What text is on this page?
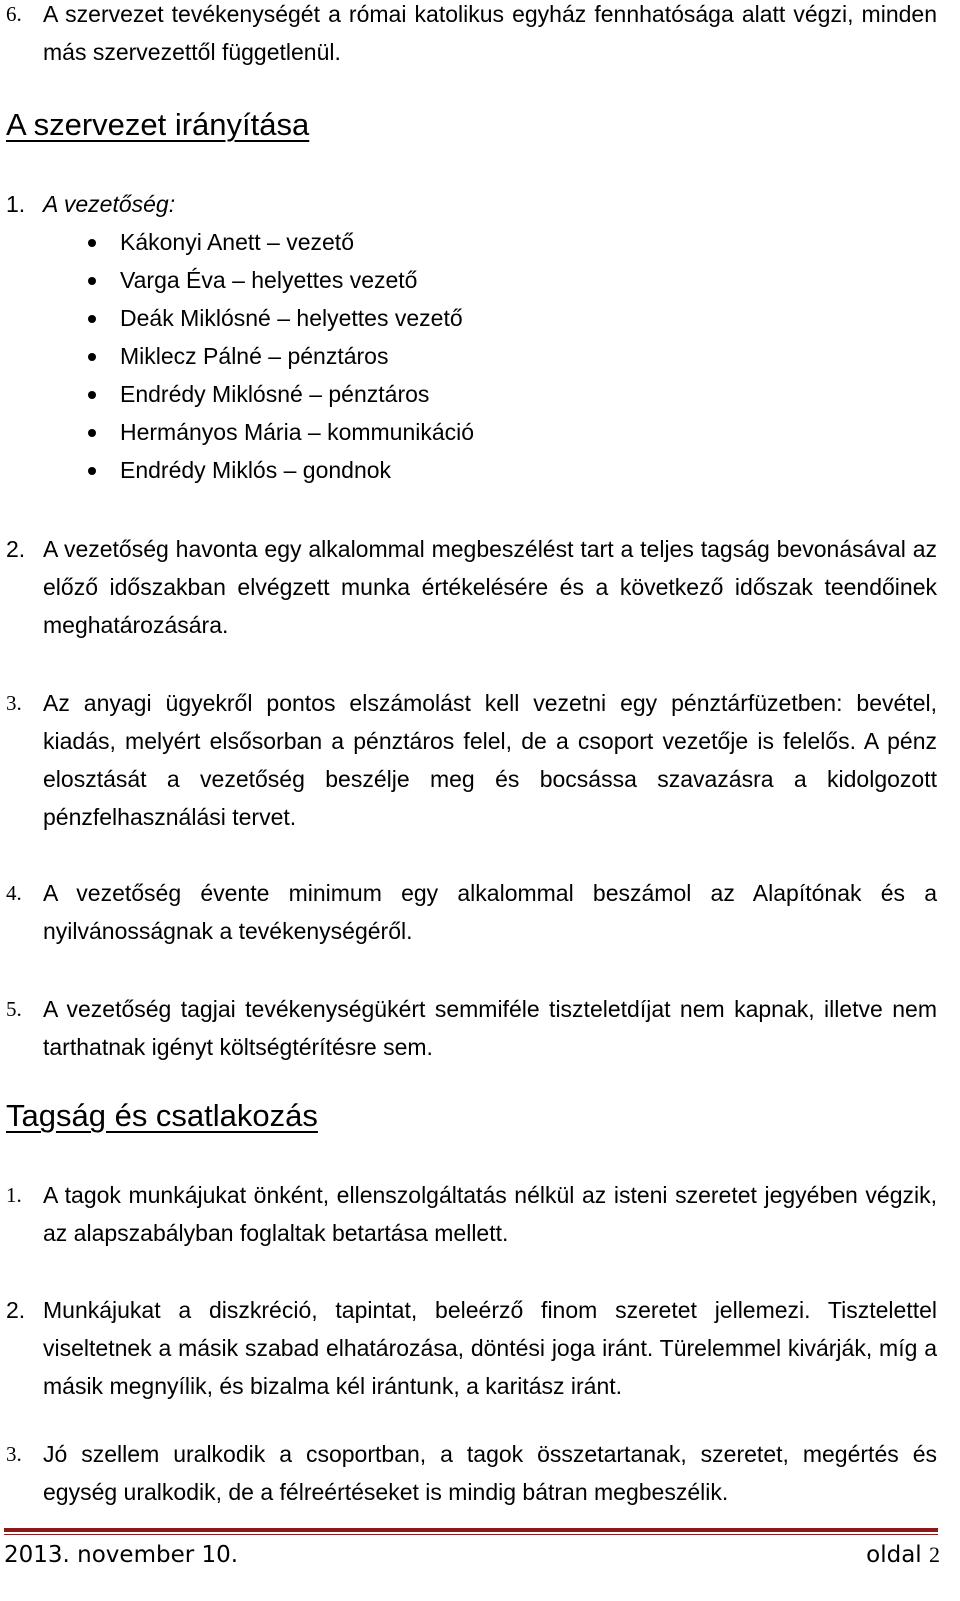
6. A szervezet tevékenységét a római katolikus egyház fennhatósága alatt végzi, minden más szervezettől függetlenül.
A szervezet irányítása
1. A vezetőség:
Kákonyi Anett – vezető
Varga Éva – helyettes vezető
Deák Miklósné – helyettes vezető
Miklecz Pálné – pénztáros
Endrédy Miklósné – pénztáros
Hermányos Mária – kommunikáció
Endrédy Miklós – gondnok
2. A vezetőség havonta egy alkalommal megbeszélést tart a teljes tagság bevonásával az előző időszakban elvégzett munka értékelésére és a következő időszak teendőinek meghatározására.
3. Az anyagi ügyekről pontos elszámolást kell vezetni egy pénztárfüzetben: bevétel, kiadás, melyért elsősorban a pénztáros felel, de a csoport vezetője is felelős. A pénz elosztását a vezetőség beszélje meg és bocsássa szavazásra a kidolgozott pénzfelhasználási tervet.
4. A vezetőség évente minimum egy alkalommal beszámol az Alapítónak és a nyilvánosságnak a tevékenységéről.
5. A vezetőség tagjai tevékenységükért semmiféle tiszteletdíjat nem kapnak, illetve nem tarthatnak igényt költségtérítésre sem.
Tagság és csatlakozás
1. A tagok munkájukat önként, ellenszolgáltatás nélkül az isteni szeretet jegyében végzik, az alapszabályban foglaltak betartása mellett.
2. Munkájukat a diszkréció, tapintat, beleérző finom szeretet jellemezi. Tisztelettel viseltetnek a másik szabad elhatározása, döntési joga iránt. Türelemmel kivárják, míg a másik megnyílik, és bizalma kél irántunk, a karitász iránt.
3. Jó szellem uralkodik a csoportban, a tagok összetartanak, szeretet, megértés és egység uralkodik, de a félreértéseket is mindig bátran megbeszélik.
2013. november 10.	oldal 2
